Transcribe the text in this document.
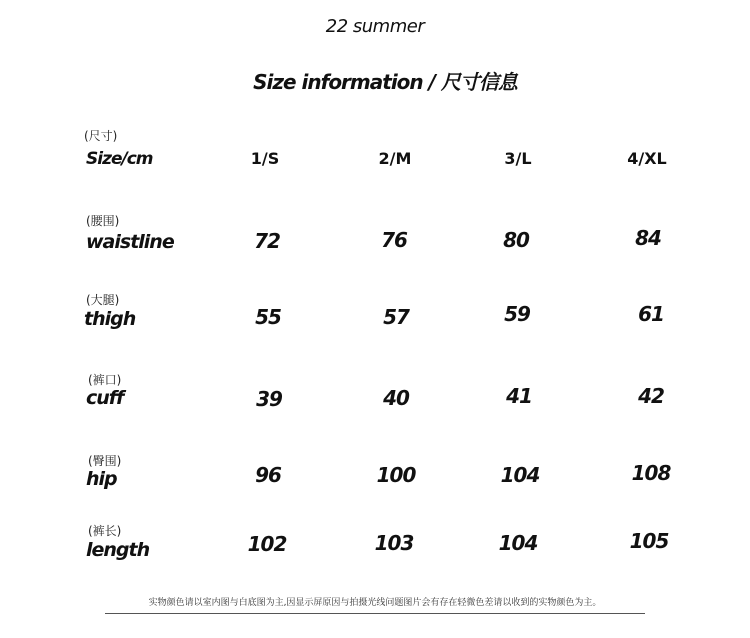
22 summer
Size information / 尺寸信息
(尺寸)
Size/cm	1/S	2/M	3/L	4/XL
(腰围)
waistline	72	76	80	84
(大腿)
thigh	55	57	59	61
(裤口)
cuff	39	40	41	42
(臀围)
hip	96	100	104	108
(裤长)
length	102	103	104	105
实物颜色请以室内图与白底图为主,因显示屏原因与拍摄光线问题图片会有存在轻微色差请以收到的实物颜色为主。
